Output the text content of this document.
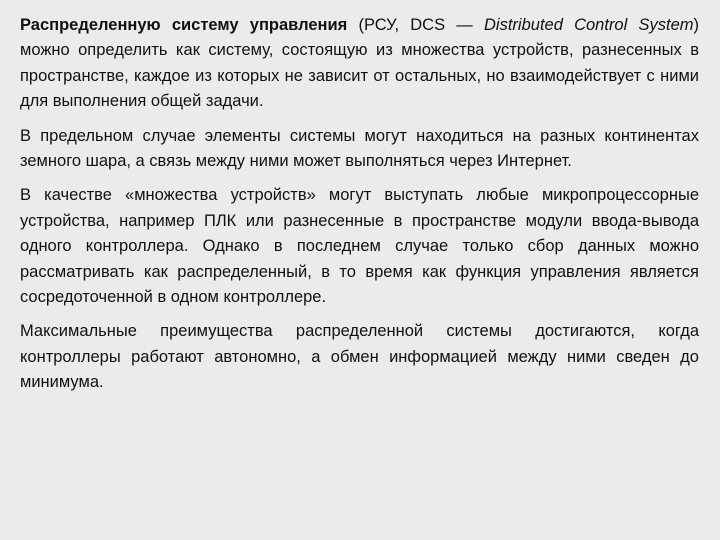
Распределенную систему управления (РСУ, DCS — Distributed Control System) можно определить как систему, состоящую из множества устройств, разнесенных в пространстве, каждое из которых не зависит от остальных, но взаимодействует с ними для выполнения общей задачи.

В предельном случае элементы системы могут находиться на разных континентах земного шара, а связь между ними может выполняться через Интернет.

В качестве «множества устройств» могут выступать любые микропроцессорные устройства, например ПЛК или разнесенные в пространстве модули ввода-вывода одного контроллера. Однако в последнем случае только сбор данных можно рассматривать как распределенный, в то время как функция управления является сосредоточенной в одном контроллере.

Максимальные преимущества распределенной системы достигаются, когда контроллеры работают автономно, а обмен информацией между ними сведен до минимума.
